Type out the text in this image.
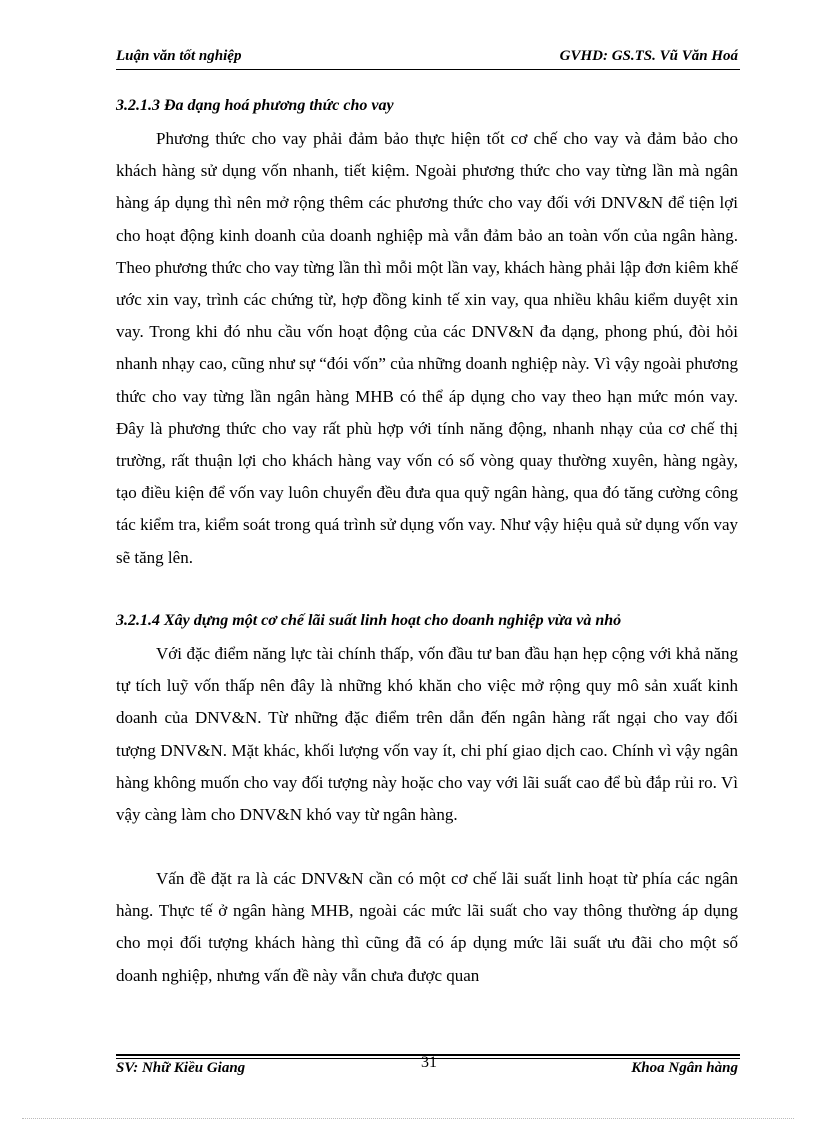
Luận văn tốt nghiệp	GVHD: GS.TS. Vũ Văn Hoá
3.2.1.3 Đa dạng hoá phương thức cho vay
Phương thức cho vay phải đảm bảo thực hiện tốt cơ chế cho vay và đảm bảo cho khách hàng sử dụng vốn nhanh, tiết kiệm. Ngoài phương thức cho vay từng lần mà ngân hàng áp dụng thì nên mở rộng thêm các phương thức cho vay đối với DNV&N để tiện lợi cho hoạt động kinh doanh của doanh nghiệp mà vẫn đảm bảo an toàn vốn của ngân hàng. Theo phương thức cho vay từng lần thì mỗi một lần vay, khách hàng phải lập đơn kiêm khế ước xin vay, trình các chứng từ, hợp đồng kinh tế xin vay, qua nhiều khâu kiểm duyệt xin vay. Trong khi đó nhu cầu vốn hoạt động của các DNV&N đa dạng, phong phú, đòi hỏi nhanh nhạy cao, cũng như sự “đói vốn” của những doanh nghiệp này. Vì vậy ngoài phương thức cho vay từng lần ngân hàng MHB có thể áp dụng cho vay theo hạn mức món vay. Đây là phương thức cho vay rất phù hợp với tính năng động, nhanh nhạy của cơ chế thị trường, rất thuận lợi cho khách hàng vay vốn có số vòng quay thường xuyên, hàng ngày, tạo điều kiện để vốn vay luôn chuyển đều đưa qua quỹ ngân hàng, qua đó tăng cường công tác kiểm tra, kiểm soát trong quá trình sử dụng vốn vay. Như vậy hiệu quả sử dụng vốn vay sẽ tăng lên.
3.2.1.4 Xây dựng một cơ chế lãi suất linh hoạt cho doanh nghiệp vừa và nhỏ
Với đặc điểm năng lực tài chính thấp, vốn đầu tư ban đầu hạn hẹp cộng với khả năng tự tích luỹ vốn thấp nên đây là những khó khăn cho việc mở rộng quy mô sản xuất kinh doanh của DNV&N. Từ những đặc điểm trên dẫn đến ngân hàng rất ngại cho vay đối tượng DNV&N. Mặt khác, khối lượng vốn vay ít, chi phí giao dịch cao. Chính vì vậy ngân hàng không muốn cho vay đối tượng này hoặc cho vay với lãi suất cao để bù đắp rủi ro. Vì vậy càng làm cho DNV&N khó vay từ ngân hàng.
Vấn đề đặt ra là các DNV&N cần có một cơ chế lãi suất linh hoạt từ phía các ngân hàng. Thực tế ở ngân hàng MHB, ngoài các mức lãi suất cho vay thông thường áp dụng cho mọi đối tượng khách hàng thì cũng đã có áp dụng mức lãi suất ưu đãi cho một số doanh nghiệp, nhưng vấn đề này vẫn chưa được quan
SV: Nhữ Kiều Giang	31	Khoa Ngân hàng
